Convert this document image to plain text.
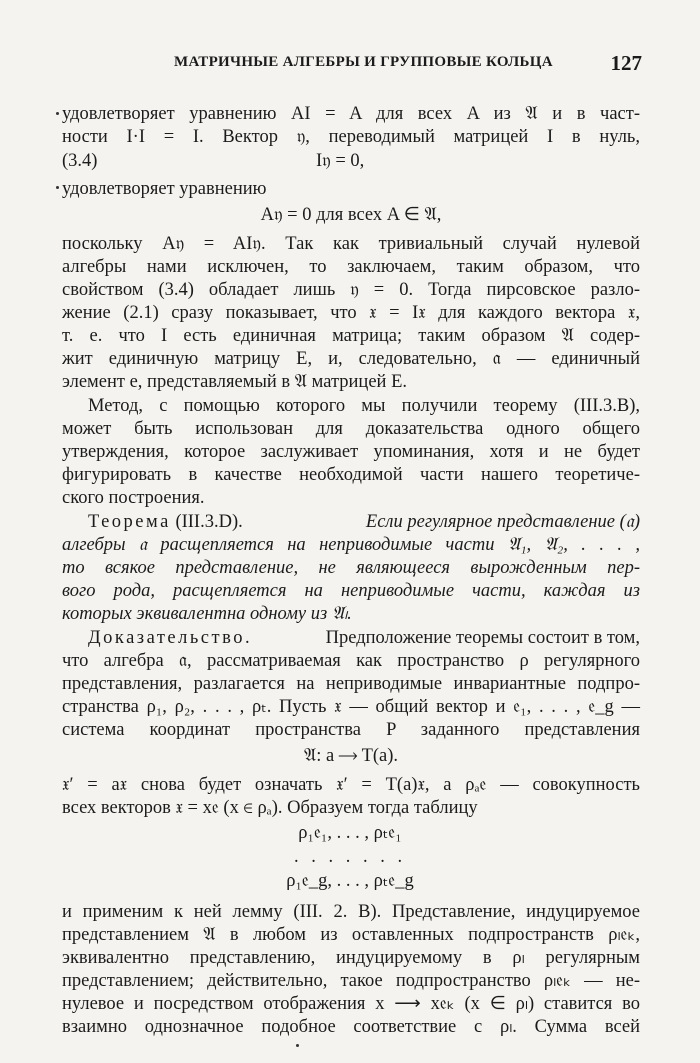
МАТРИЧНЫЕ АЛГЕБРЫ И ГРУППОВЫЕ КОЛЬЦА	127
удовлетворяет уравнению AI = A для всех A из 𝔄 и в част-
ности I·I = I. Вектор 𝔶, переводимый матрицей I в нуль,
(3.4)	I𝔶 = 0,
удовлетворяет уравнению
A𝔶 = 0 для всех A ∈ 𝔄,
поскольку A𝔶 = AI𝔶. Так как тривиальный случай нулевой
алгебры нами исключен, то заключаем, таким образом, что
свойством (3.4) обладает лишь 𝔶 = 0. Тогда пирсовское разло-
жение (2.1) сразу показывает, что 𝔵 = I𝔵 для каждого вектора 𝔵,
т. е. что I есть единичная матрица; таким образом 𝔄 содер-
жит единичную матрицу E, и, следовательно, 𝔞 — единичный
элемент e, представляемый в 𝔄 матрицей E.
Метод, с помощью которого мы получили теорему (III.3.B),
может быть использован для доказательства одного общего
утверждения, которое заслуживает упоминания, хотя и не будет
фигурировать в качестве необходимой части нашего теоретиче-
ского построения.
Теорема (III.3.D).	Если регулярное представление (𝔞)
алгебры 𝔞 расщепляется на неприводимые части 𝔄₁, 𝔄₂, . . . ,
то всякое представление, не являющееся вырожденным пер-
вого рода, расщепляется на неприводимые части, каждая из
которых эквивалентна одному из 𝔄ₗ.
Доказательство.	Предположение теоремы состоит в том,
что алгебра 𝔞, рассматриваемая как пространство ρ регулярного
представления, разлагается на неприводимые инвариантные подпро-
странства ρ₁, ρ₂, . . . , ρₜ. Пусть 𝔵 — общий вектор и 𝔢₁, . . . , 𝔢_g —
система координат пространства P заданного представления
𝔄: a ⟶ T(a).
𝔵′ = a𝔵 снова будет означать 𝔵′ = T(a)𝔵, а ρₐ𝔢 — совокупность
всех векторов 𝔵 = x𝔢 (x ∈ ρₐ). Образуем тогда таблицу
ρ₁𝔢₁, . . . , ρₜ𝔢₁
. . . . . . .
ρ₁𝔢_g, . . . , ρₜ𝔢_g
и применим к ней лемму (III. 2. B). Представление, индуцируемое
представлением 𝔄 в любом из оставленных подпространств ρₗ𝔢ₖ,
эквивалентно представлению, индуцируемому в ρₗ регулярным
представлением; действительно, такое подпространство ρₗ𝔢ₖ — не-
нулевое и посредством отображения x ⟶ x𝔢ₖ (x ∈ ρₗ) ставится во
взаимно однозначное подобное соответствие с ρₗ. Сумма всей
